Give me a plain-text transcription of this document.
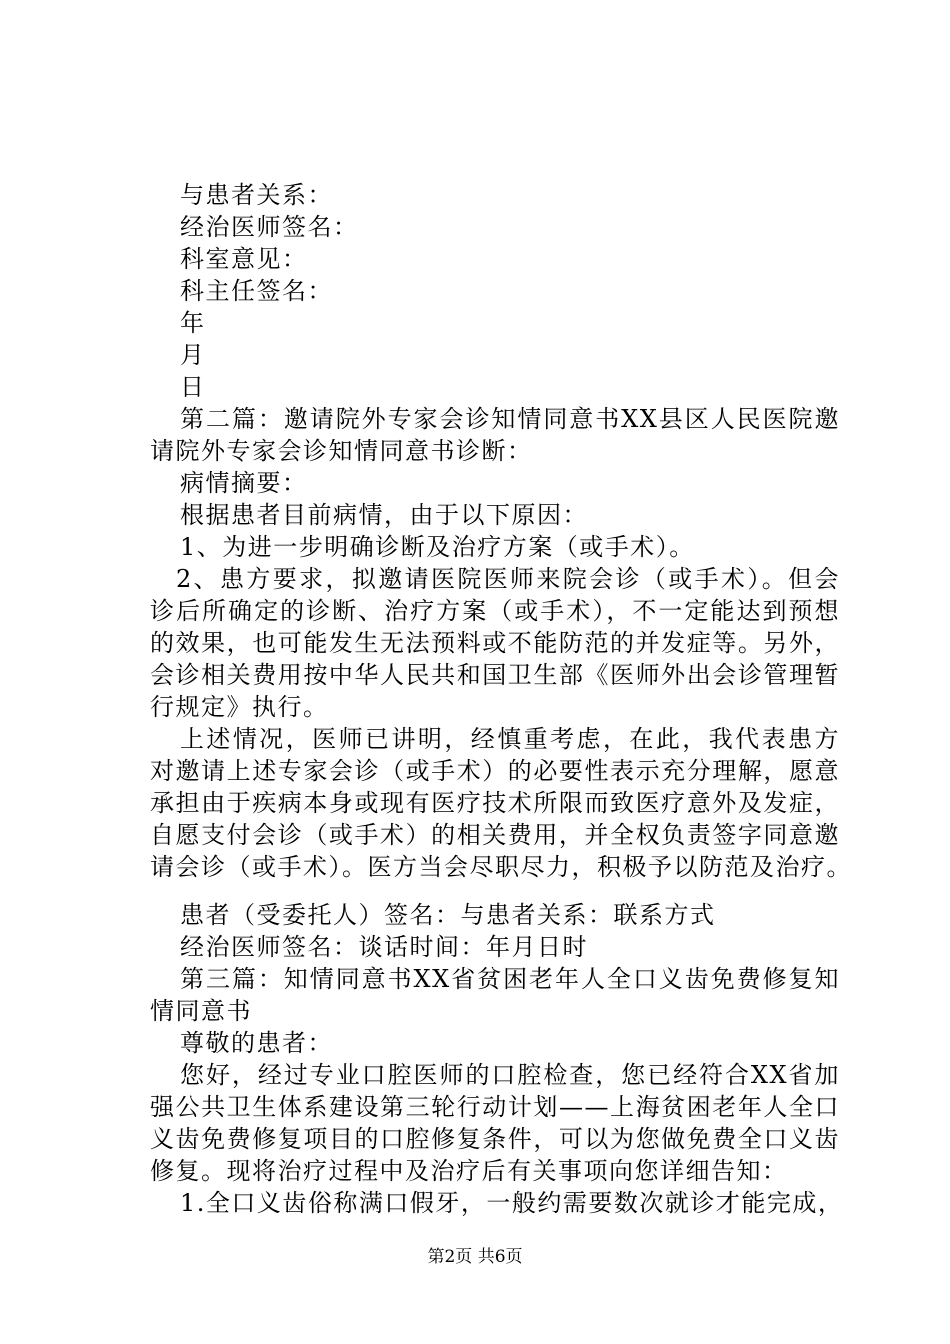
与患者关系：
经治医师签名：
科室意见：
科主任签名：
年
月
日
第二篇：邀请院外专家会诊知情同意书XX县区人民医院邀
请院外专家会诊知情同意书诊断：
病情摘要：
根据患者目前病情，由于以下原因：
1、为进一步明确诊断及治疗方案（或手术）。
2、患方要求，拟邀请医院医师来院会诊（或手术）。但会
诊后所确定的诊断、治疗方案（或手术），不一定能达到预想
的效果，也可能发生无法预料或不能防范的并发症等。另外，
会诊相关费用按中华人民共和国卫生部《医师外出会诊管理暂
行规定》执行。
上述情况，医师已讲明，经慎重考虑，在此，我代表患方
对邀请上述专家会诊（或手术）的必要性表示充分理解，愿意
承担由于疾病本身或现有医疗技术所限而致医疗意外及发症，
自愿支付会诊（或手术）的相关费用，并全权负责签字同意邀
请会诊（或手术）。医方当会尽职尽力，积极予以防范及治疗。
患者（受委托人）签名：与患者关系：联系方式
经治医师签名：谈话时间：年月日时
第三篇：知情同意书XX省贫困老年人全口义齿免费修复知
情同意书
尊敬的患者：
您好，经过专业口腔医师的口腔检查，您已经符合XX省加
强公共卫生体系建设第三轮行动计划——上海贫困老年人全口
义齿免费修复项目的口腔修复条件，可以为您做免费全口义齿
修复。现将治疗过程中及治疗后有关事项向您详细告知：
1.全口义齿俗称满口假牙，一般约需要数次就诊才能完成，
第2页 共6页
